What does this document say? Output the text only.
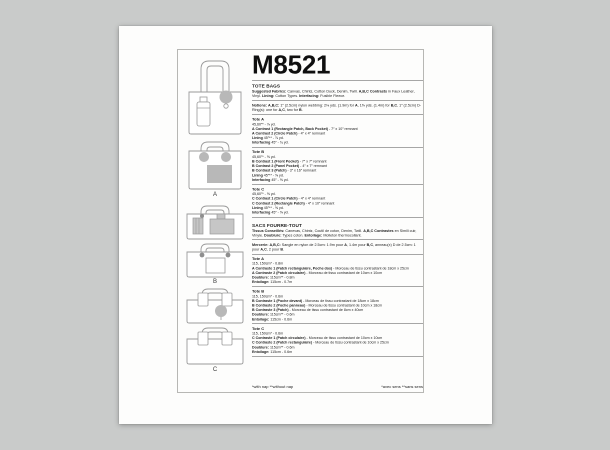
A
B
C
M8521
TOTE BAGS
Suggested Fabrics: Canvas, Chintz, Cotton Duck, Denim, Twill. A,B,C Contrasts in Faux Leather, Vinyl. Lining: Cotton Types. Interfacing: Fusible Fleece.
Notions: A,B,C: 1″ (2.5cm) nylon webbing: 2⅛ yds. (1.9m) for A, 1⅝ yds. (1.4m) for B,C, 1″ (2.5cm) D-Ring(s): one for A,C, two for B.
Tote A
45,60″* - ⅞ yd.
A Contrast 1 (Rectangle Patch, Back Pocket) - 7″ x 10″ remnant
A Contrast 2 (Circle Patch) - 4″ x 4″ remnant
Lining 45″** - ⅞ yd.
Interfacing 45″ - ¾ yd.
Tote B
45,60″* - ⅝ yd.
B Contrast 1 (Front Pocket) - 7″ x 7″ remnant
B Contrast 2 (Panel Pocket) - 4″ x 7″ remnant
B Contrast 3 (Patch) - 3″ x 16″ remnant
Lining 45″** - ⅝ yd.
Interfacing 45″ - ⅝ yd.
Tote C
45,60″* - ⅝ yd.
C Contrast 1 (Circle Patch) - 4″ x 4″ remnant
C Contrast 2 (Rectangle Patch) - 4″ x 10″ remnant
Lining 45″** - ⅝ yd.
Interfacing 45″ - ⅝ yd.
SACS FOURRE-TOUT
Tissus Conseillés: Canevas, Chintz, Coutil de coton, Denim, Twill. A,B,C Contrastes en Simili cuir, Vinyle. Doublure: Types coton. Entoilage: Molleton thermocollant.
Mercerie: A,B,C: Sangle en nylon de 2.5cm: 1.9m pour A, 1.4m pour B,C, anneau(x) D de 2.5cm: 1 pour A,C, 2 pour B.
Tote A
115, 150cm* - 0.8m
A Contraste 1 (Patch rectangulaire, Poche dos) - Morceau de tissu contrastant de 18cm x 25cm
A Contraste 2 (Patch circulaire) - Morceau de tissu contrastant de 10cm x 10cm
Doublure: 115cm** - 0.8m
Entoilage: 115cm - 0.7m
Tote B
115, 150cm* - 0.6m
B Contraste 1 (Poche devant) - Morceau de tissu contrastant de 18cm x 18cm
B Contraste 2 (Poche panneau) - Morceau de tissu contrastant de 10cm x 18cm
B Contraste 3 (Patch) - Morceau de tissu contrastant de 8cm x 40cm
Doublure: 115cm** - 0.6m
Entoilage: 115cm - 0.6m
Tote C
115, 150cm* - 0.6m
C Contraste 1 (Patch circulaire) - Morceau de tissu contrastant de 10cm x 10cm
C Contraste 2 (Patch rectangulaire) - Morceau de tissu contrastant de 10cm x 25cm
Doublure: 115cm** - 0.6m
Entoilage: 115cm - 0.6m
*with nap **without nap	*avec sens **sans sens
